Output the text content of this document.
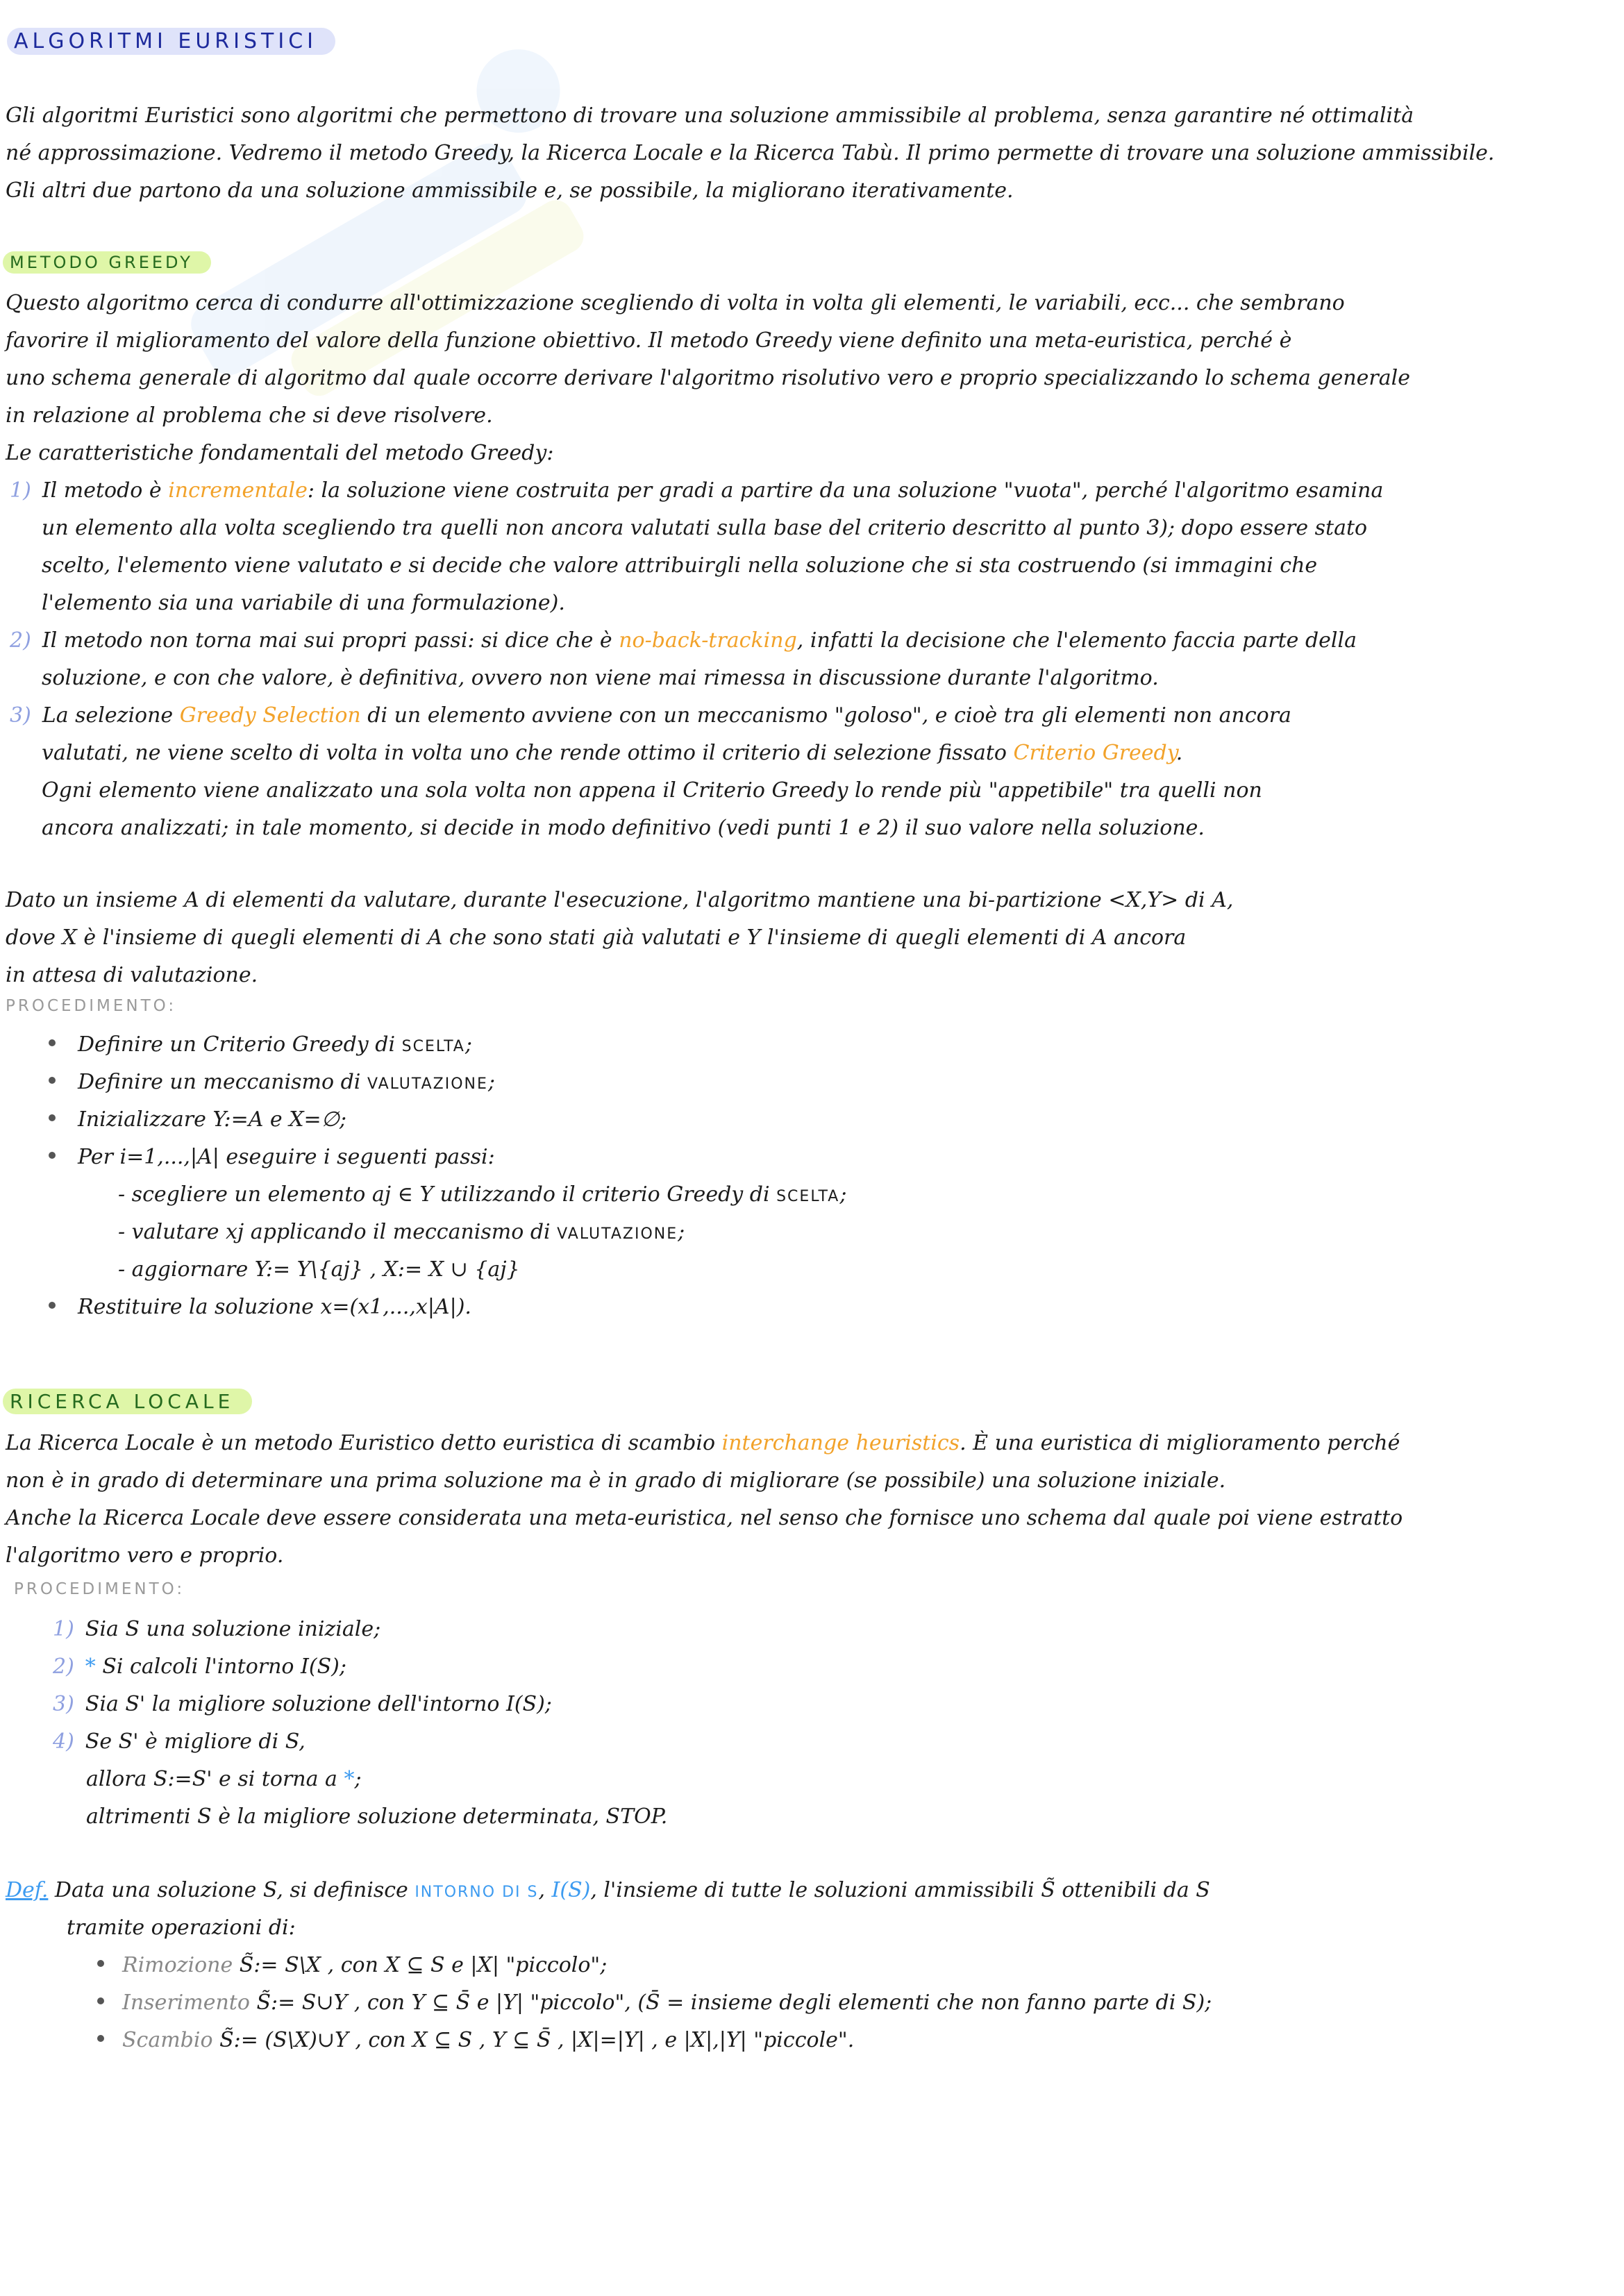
ALGORITMI EURISTICI

Gli algoritmi Euristici sono algoritmi che permettono di trovare una soluzione ammissibile al problema, senza garantire né ottimalità

né approssimazione. Vedremo il metodo Greedy, la Ricerca Locale e la Ricerca Tabù. Il primo permette di trovare una soluzione ammissibile.

Gli altri due partono da una soluzione ammissibile e, se possibile, la migliorano iterativamente.

METODO GREEDY

Questo algoritmo cerca di condurre all'ottimizzazione scegliendo di volta in volta gli elementi, le variabili, ecc... che sembrano

favorire il miglioramento del valore della funzione obiettivo. Il metodo Greedy viene definito una meta-euristica, perché è

uno schema generale di algoritmo dal quale occorre derivare l'algoritmo risolutivo vero e proprio specializzando lo schema generale

in relazione al problema che si deve risolvere.

Le caratteristiche fondamentali del metodo Greedy:

1) Il metodo è incrementale: la soluzione viene costruita per gradi a partire da una soluzione "vuota", perché l'algoritmo esamina

un elemento alla volta scegliendo tra quelli non ancora valutati sulla base del criterio descritto al punto 3); dopo essere stato

scelto, l'elemento viene valutato e si decide che valore attribuirgli nella soluzione che si sta costruendo (si immagini che

l'elemento sia una variabile di una formulazione).

2) Il metodo non torna mai sui propri passi: si dice che è no-back-tracking, infatti la decisione che l'elemento faccia parte della

soluzione, e con che valore, è definitiva, ovvero non viene mai rimessa in discussione durante l'algoritmo.

3) La selezione Greedy Selection di un elemento avviene con un meccanismo "goloso", e cioè tra gli elementi non ancora

valutati, ne viene scelto di volta in volta uno che rende ottimo il criterio di selezione fissato Criterio Greedy.

Ogni elemento viene analizzato una sola volta non appena il Criterio Greedy lo rende più "appetibile" tra quelli non

ancora analizzati; in tale momento, si decide in modo definitivo (vedi punti 1 e 2) il suo valore nella soluzione.

Dato un insieme A di elementi da valutare, durante l'esecuzione, l'algoritmo mantiene una bi-partizione <X,Y> di A,

dove X è l'insieme di quegli elementi di A che sono stati già valutati e Y l'insieme di quegli elementi di A ancora

in attesa di valutazione.

PROCEDIMENTO:

Definire un Criterio Greedy di SCELTA;

Definire un meccanismo di VALUTAZIONE;

Inizializzare Y:=A e X=∅;

Per i=1,...,|A| eseguire i seguenti passi:

- scegliere un elemento aj ∈ Y utilizzando il criterio Greedy di SCELTA;

- valutare xj applicando il meccanismo di VALUTAZIONE;

- aggiornare Y:= Y\{aj} , X:= X ∪ {aj}

Restituire la soluzione x=(x1,...,x|A|).

RICERCA LOCALE

La Ricerca Locale è un metodo Euristico detto euristica di scambio interchange heuristics. È una euristica di miglioramento perché

non è in grado di determinare una prima soluzione ma è in grado di migliorare (se possibile) una soluzione iniziale.

Anche la Ricerca Locale deve essere considerata una meta-euristica, nel senso che fornisce uno schema dal quale poi viene estratto

l'algoritmo vero e proprio.

PROCEDIMENTO:

1) Sia S una soluzione iniziale;

2) * Si calcoli l'intorno I(S);

3) Sia S' la migliore soluzione dell'intorno I(S);

4) Se S' è migliore di S,

allora S:=S' e si torna a *;

altrimenti S è la migliore soluzione determinata, STOP.

Def. Data una soluzione S, si definisce INTORNO DI S, I(S), l'insieme di tutte le soluzioni ammissibili S̃ ottenibili da S

tramite operazioni di:

Rimozione S̃:= S\X , con X ⊆ S e |X| "piccolo";

Inserimento S̃:= S∪Y , con Y ⊆ S̄ e |Y| "piccolo", (S̄ = insieme degli elementi che non fanno parte di S);

Scambio S̃:= (S\X)∪Y , con X ⊆ S , Y ⊆ S̄ , |X|=|Y| , e |X|,|Y| "piccole".
